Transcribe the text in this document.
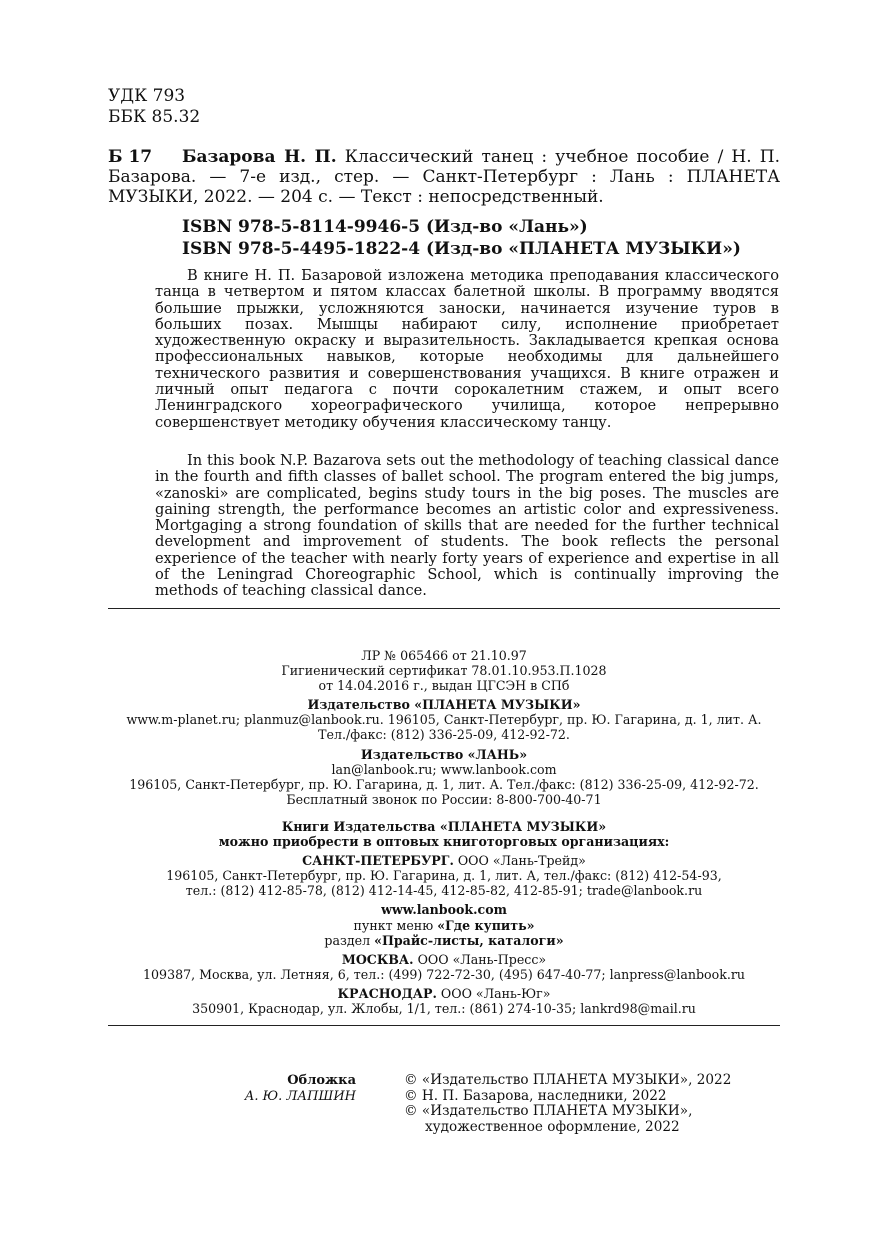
УДК 793
ББК 85.32
Б 17	Базарова Н. П. Классический танец : учебное пособие / Н. П. Базарова. — 7-е изд., стер. — Санкт-Петербург : Лань : ПЛАНЕТА МУЗЫКИ, 2022. — 204 с. — Текст : непосредственный.
ISBN 978-5-8114-9946-5 (Изд-во «Лань»)
ISBN 978-5-4495-1822-4 (Изд-во «ПЛАНЕТА МУЗЫКИ»)
В книге Н. П. Базаровой изложена методика преподавания классического танца в четвертом и пятом классах балетной школы. В программу вводятся большие прыжки, усложняются заноски, начинается изучение туров в больших позах. Мышцы набирают силу, исполнение приобретает художественную окраску и выразительность. Закладывается крепкая основа профессиональных навыков, которые необходимы для дальнейшего технического развития и совершенствования учащихся. В книге отражен и личный опыт педагога с почти сорокалетним стажем, и опыт всего Ленинградского хореографического училища, которое непрерывно совершенствует методику обучения классическому танцу.
In this book N.P. Bazarova sets out the methodology of teaching classical dance in the fourth and fifth classes of ballet school. The program entered the big jumps, «zanoski» are complicated, begins study tours in the big poses. The muscles are gaining strength, the performance becomes an artistic color and expressiveness. Mortgaging a strong foundation of skills that are needed for the further technical development and improvement of students. The book reflects the personal experience of the teacher with nearly forty years of experience and expertise in all of the Leningrad Choreographic School, which is continually improving the methods of teaching classical dance.

ЛР № 065466 от 21.10.97

Гигиенический сертификат 78.01.10.953.П.1028

от 14.04.2016 г., выдан ЦГСЭН в СПб

Издательство «ПЛАНЕТА МУЗЫКИ»

www.m-planet.ru; planmuz@lanbook.ru. 196105, Санкт-Петербург, пр. Ю. Гагарина, д. 1, лит. А.

Тел./факс: (812) 336-25-09, 412-92-72.

Издательство «ЛАНЬ»

lan@lanbook.ru; www.lanbook.com

196105, Санкт-Петербург, пр. Ю. Гагарина, д. 1, лит. А. Тел./факс: (812) 336-25-09, 412-92-72.

Бесплатный звонок по России: 8-800-700-40-71

Книги Издательства «ПЛАНЕТА МУЗЫКИ»

можно приобрести в оптовых книготорговых организациях:

САНКТ-ПЕТЕРБУРГ. ООО «Лань-Трейд»

196105, Санкт-Петербург, пр. Ю. Гагарина, д. 1, лит. А, тел./факс: (812) 412-54-93,

тел.: (812) 412-85-78, (812) 412-14-45, 412-85-82, 412-85-91; trade@lanbook.ru

www.lanbook.com

пункт меню «Где купить»

раздел «Прайс-листы, каталоги»

МОСКВА. ООО «Лань-Пресс»

109387, Москва, ул. Летняя, 6, тел.: (499) 722-72-30, (495) 647-40-77; lanpress@lanbook.ru

КРАСНОДАР. ООО «Лань-Юг»

350901, Краснодар, ул. Жлобы, 1/1, тел.: (861) 274-10-35; lankrd98@mail.ru

Обложка
А. Ю. ЛАПШИН

© «Издательство ПЛАНЕТА МУЗЫКИ», 2022

© Н. П. Базарова, наследники, 2022

© «Издательство ПЛАНЕТА МУЗЫКИ»,

художественное оформление, 2022
